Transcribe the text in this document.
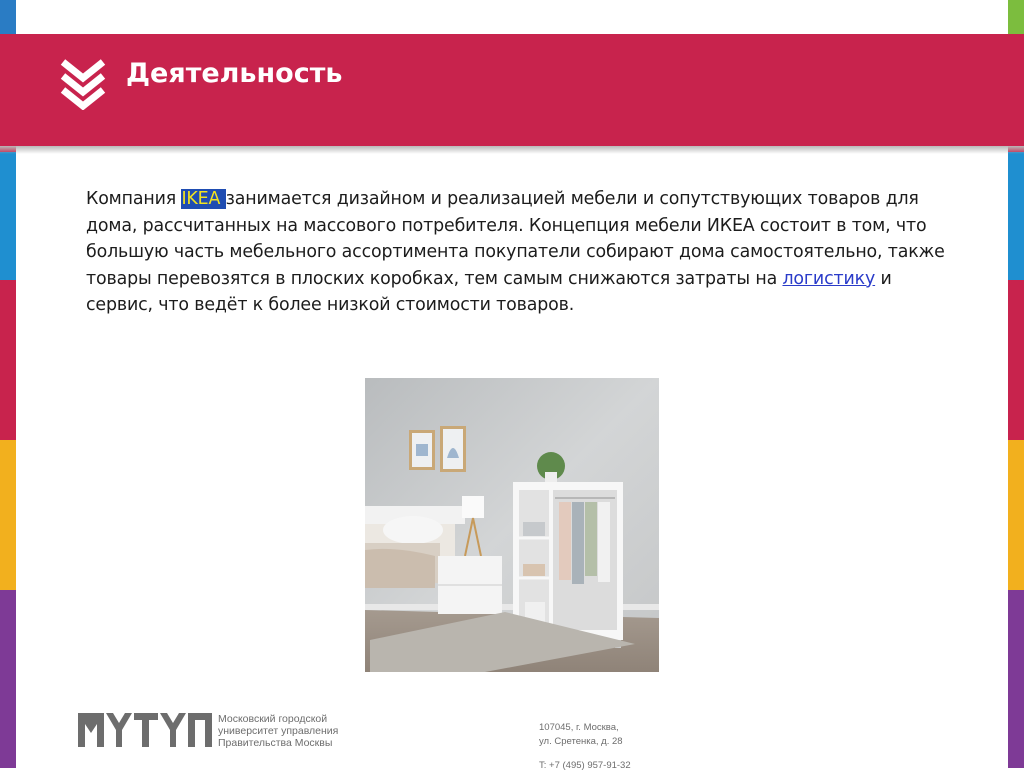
Деятельность
Компания IKEA занимается дизайном и реализацией мебели и сопутствующих товаров для дома, рассчитанных на массового потребителя. Концепция мебели ИКЕА состоит в том, что большую часть мебельного ассортимента покупатели собирают дома самостоятельно, также товары перевозятся в плоских коробках, тем самым снижаются затраты на логистику и сервис, что ведёт к более низкой стоимости товаров.
Московский городской
университет управления
Правительства Москвы
107045, г. Москва,
ул. Сретенка, д. 28
T: +7 (495) 957-91-32
